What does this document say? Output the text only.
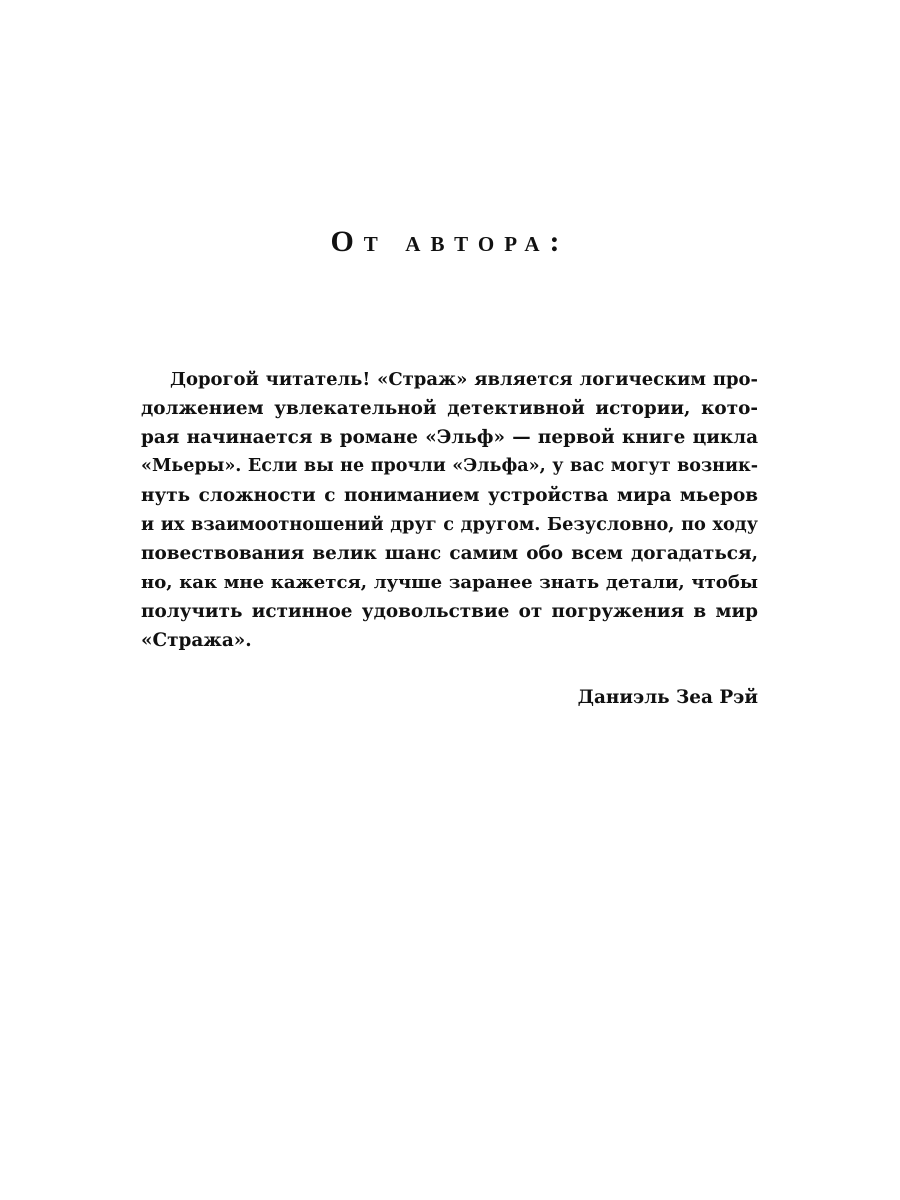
От автора:
Дорогой читатель! «Страж» является логическим про-
должением увлекательной детективной истории, кото-
рая начинается в романе «Эльф» — первой книге цикла
«Мьеры». Если вы не прочли «Эльфа», у вас могут возник-
нуть сложности с пониманием устройства мира мьеров
и их взаимоотношений друг с другом. Безусловно, по ходу
повествования велик шанс самим обо всем догадаться,
но, как мне кажется, лучше заранее знать детали, чтобы
получить истинное удовольствие от погружения в мир
«Стража».

Даниэль Зеа Рэй
